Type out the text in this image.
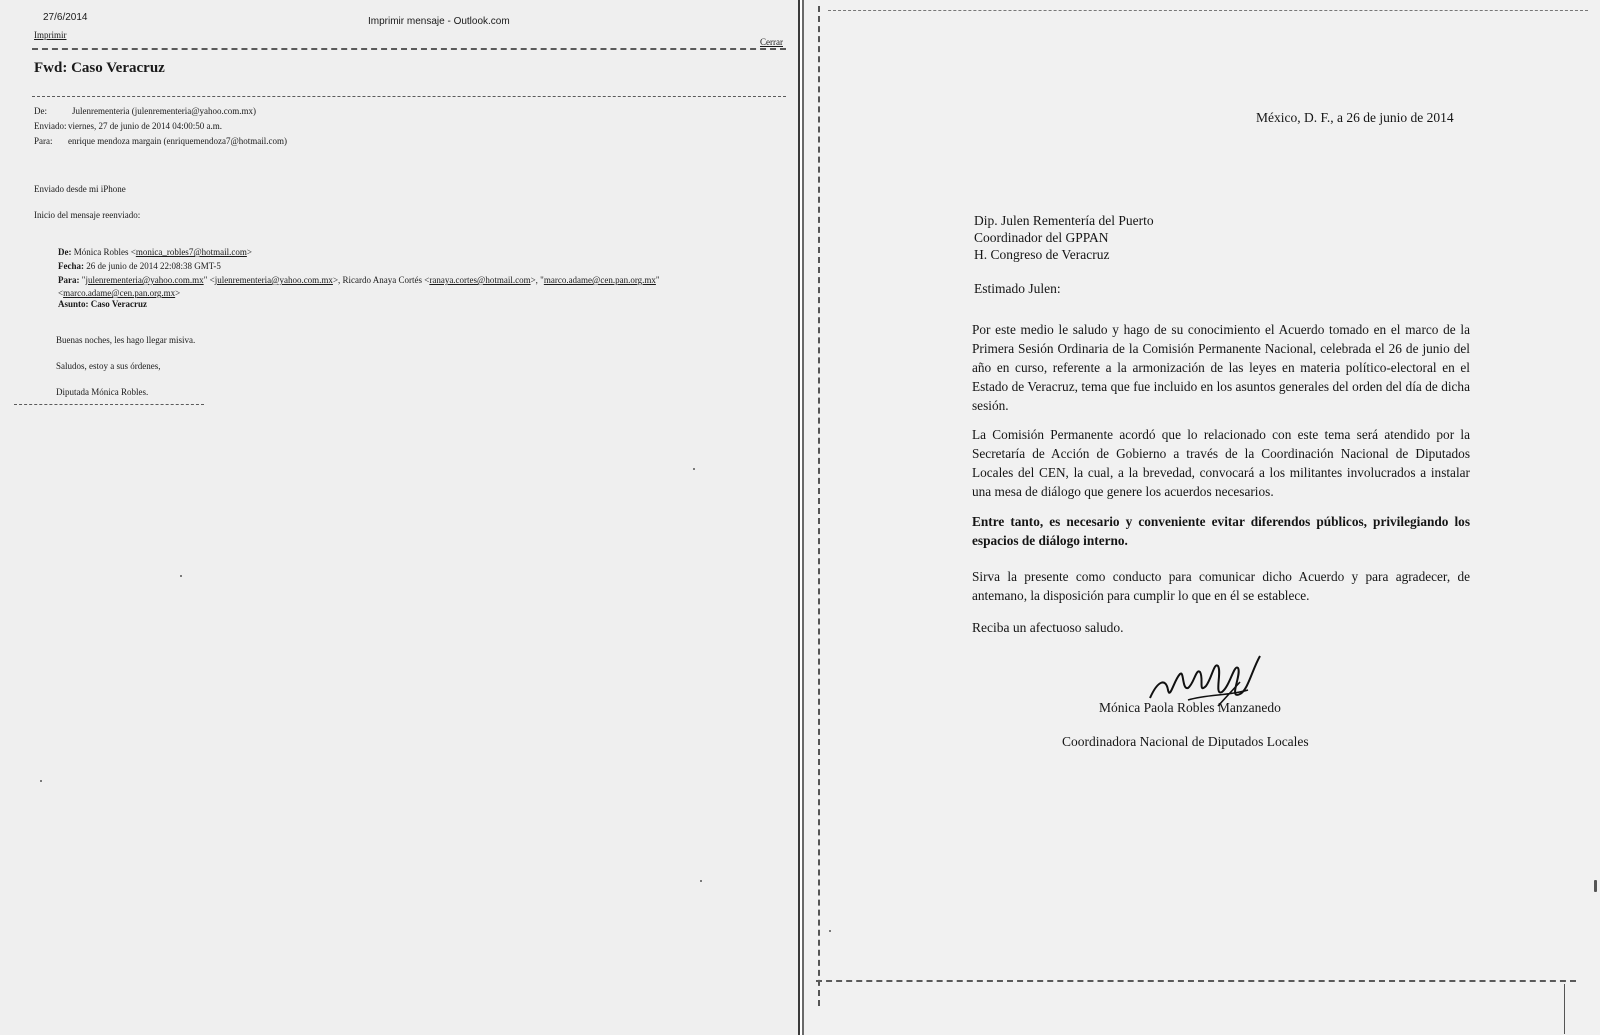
27/6/2014	Imprimir mensaje - Outlook.com
Imprimir
Cerrar
Fwd: Caso Veracruz
De:	Julenrementeria (julenrementeria@yahoo.com.mx)
Enviado: viernes, 27 de junio de 2014 04:00:50 a.m.
Para: enrique mendoza margain (enriquemendoza7@hotmail.com)
Enviado desde mi iPhone
Inicio del mensaje reenviado:
De: Mónica Robles <monica_robles7@hotmail.com>
Fecha: 26 de junio de 2014 22:08:38 GMT-5
Para: "julenrementeria@yahoo.com.mx" <julenrementeria@yahoo.com.mx>, Ricardo Anaya Cortés <ranaya.cortes@hotmail.com>, "marco.adame@cen.pan.org.mx"
<marco.adame@cen.pan.org.mx>
Asunto: Caso Veracruz
Buenas noches, les hago llegar misiva.
Saludos, estoy a sus órdenes,
Diputada Mónica Robles.
México, D. F., a 26 de junio de 2014
Dip. Julen Rementería del Puerto
Coordinador del GPPAN
H. Congreso de Veracruz
Estimado Julen:

Por este medio le saludo y hago de su conocimiento el Acuerdo tomado en el marco de la Primera Sesión Ordinaria de la Comisión Permanente Nacional, celebrada el 26 de junio del año en curso, referente a la armonización de las leyes en materia político-electoral en el Estado de Veracruz, tema que fue incluido en los asuntos generales del orden del día de dicha sesión.

La Comisión Permanente acordó que lo relacionado con este tema será atendido por la Secretaría de Acción de Gobierno a través de la Coordinación Nacional de Diputados Locales del CEN, la cual, a la brevedad, convocará a los militantes involucrados a instalar una mesa de diálogo que genere los acuerdos necesarios.

Entre tanto, es necesario y conveniente evitar diferendos públicos, privilegiando los espacios de diálogo interno.

Sirva la presente como conducto para comunicar dicho Acuerdo y para agradecer, de antemano, la disposición para cumplir lo que en él se establece.

Reciba un afectuoso saludo.
Mónica Paola Robles Manzanedo
Coordinadora Nacional de Diputados Locales
